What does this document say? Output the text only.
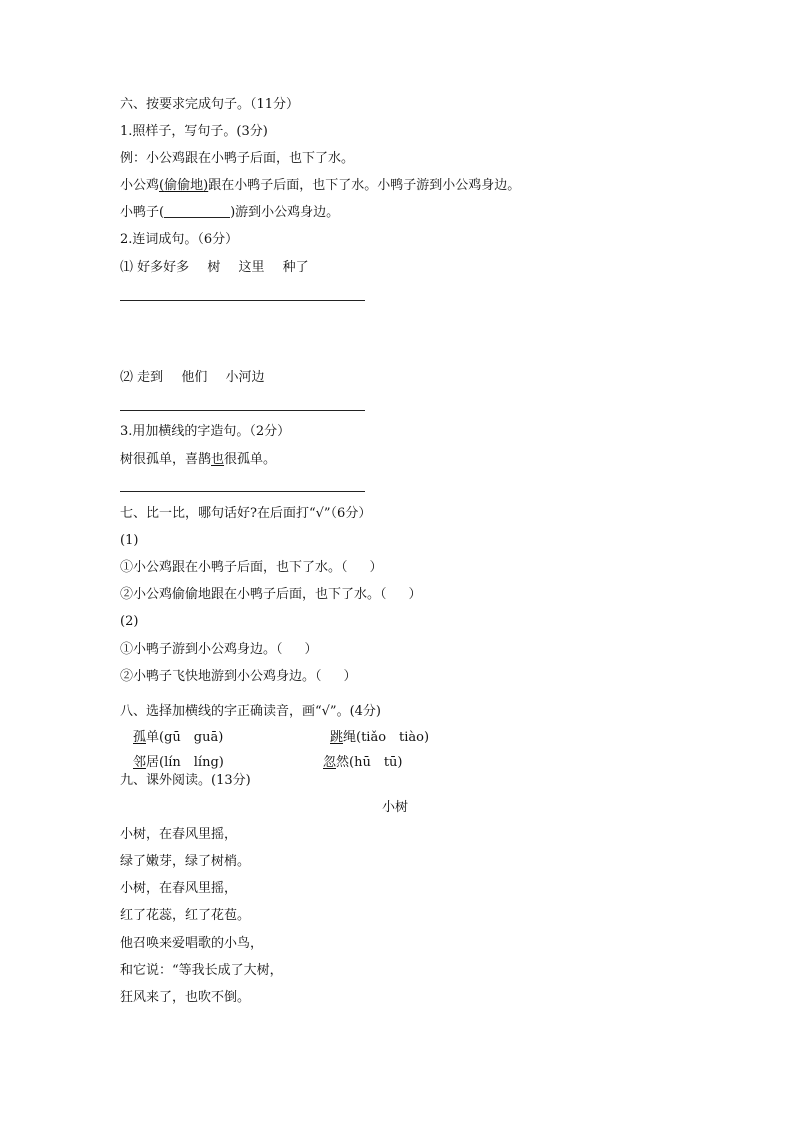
六、按要求完成句子。（11分）
1.照样子，写句子。(3分)
例：小公鸡跟在小鸭子后面，也下了水。
小公鸡(偷偷地)跟在小鸭子后面，也下了水。小鸭子游到小公鸡身边。
小鸭子(	)游到小公鸡身边。
2.连词成句。（6分）
⑴ 好多好多 树 这里 种了
⑵ 走到 他们 小河边
3.用加横线的字造句。（2分）
树很孤单，喜鹊也很孤单。
七、比一比，哪句话好?在后面打“√”（6分）
(1)
①小公鸡跟在小鸭子后面，也下了水。（ ）
②小公鸡偷偷地跟在小鸭子后面，也下了水。（ ）
(2)
①小鸭子游到小公鸡身边。（ ）
②小鸭子飞快地游到小公鸡身边。（ ）
八、选择加横线的字正确读音，画“√”。(4分)
孤单(gū　guā)	跳绳(tiǎo　tiào)
邻居(lín　líng)	忽然(hū　tū)
九、课外阅读。(13分)
小树
小树，在春风里摇，
绿了嫩芽，绿了树梢。
小树，在春风里摇，
红了花蕊，红了花苞。
他召唤来爱唱歌的小鸟，
和它说：“等我长成了大树，
狂风来了，也吹不倒。
